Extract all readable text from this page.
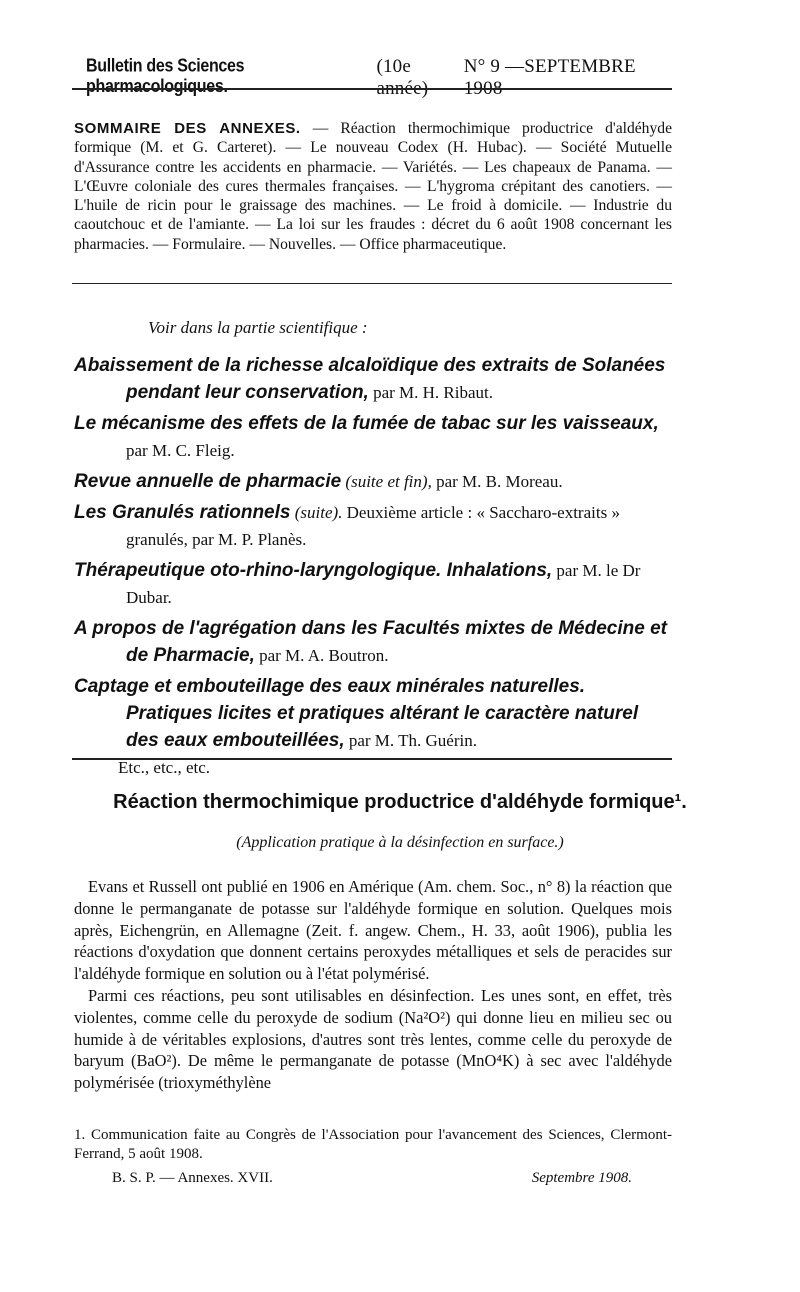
Bulletin des Sciences pharmacologiques.
(10e année)
N° 9 —SEPTEMBRE 1908
SOMMAIRE DES ANNEXES. — Réaction thermochimique productrice d'aldéhyde formique (M. et G. Carteret). — Le nouveau Codex (H. Hubac). — Société Mutuelle d'Assurance contre les accidents en pharmacie. — Variétés. — Les chapeaux de Panama. — L'Œuvre coloniale des cures thermales françaises. — L'hygroma crépitant des canotiers. — L'huile de ricin pour le graissage des machines. — Le froid à domicile. — Industrie du caoutchouc et de l'amiante. — La loi sur les fraudes : décret du 6 août 1908 concernant les pharmacies. — Formulaire. — Nouvelles. — Office pharmaceutique.
Voir dans la partie scientifique :

Abaissement de la richesse alcaloïdique des extraits de Solanées pendant leur conservation, par M. H. Ribaut.

Le mécanisme des effets de la fumée de tabac sur les vaisseaux, par M. C. Fleig.

Revue annuelle de pharmacie (suite et fin), par M. B. Moreau.

Les Granulés rationnels (suite). Deuxième article : « Saccharo-extraits » granulés, par M. P. Planès.

Thérapeutique oto-rhino-laryngologique. Inhalations, par M. le Dr Dubar.

A propos de l'agrégation dans les Facultés mixtes de Médecine et de Pharmacie, par M. A. Boutron.

Captage et embouteillage des eaux minérales naturelles. Pratiques licites et pratiques altérant le caractère naturel des eaux embouteillées, par M. Th. Guérin.

Etc., etc., etc.

Réaction thermochimique productrice d'aldéhyde formique¹.
(Application pratique à la désinfection en surface.)

Evans et Russell ont publié en 1906 en Amérique (Am. chem. Soc., n° 8) la réaction que donne le permanganate de potasse sur l'aldéhyde formique en solution. Quelques mois après, Eichengrün, en Allemagne (Zeit. f. angew. Chem., H. 33, août 1906), publia les réactions d'oxydation que donnent certains peroxydes métalliques et sels de peracides sur l'aldéhyde formique en solution ou à l'état polymérisé.

Parmi ces réactions, peu sont utilisables en désinfection. Les unes sont, en effet, très violentes, comme celle du peroxyde de sodium (Na²O²) qui donne lieu en milieu sec ou humide à de véritables explosions, d'autres sont très lentes, comme celle du peroxyde de baryum (BaO²). De même le permanganate de potasse (MnO⁴K) à sec avec l'aldéhyde polymérisée (trioxyméthylène

1. Communication faite au Congrès de l'Association pour l'avancement des Sciences, Clermont-Ferrand, 5 août 1908.
B. S. P. — Annexes. XVII.	Septembre 1908.
